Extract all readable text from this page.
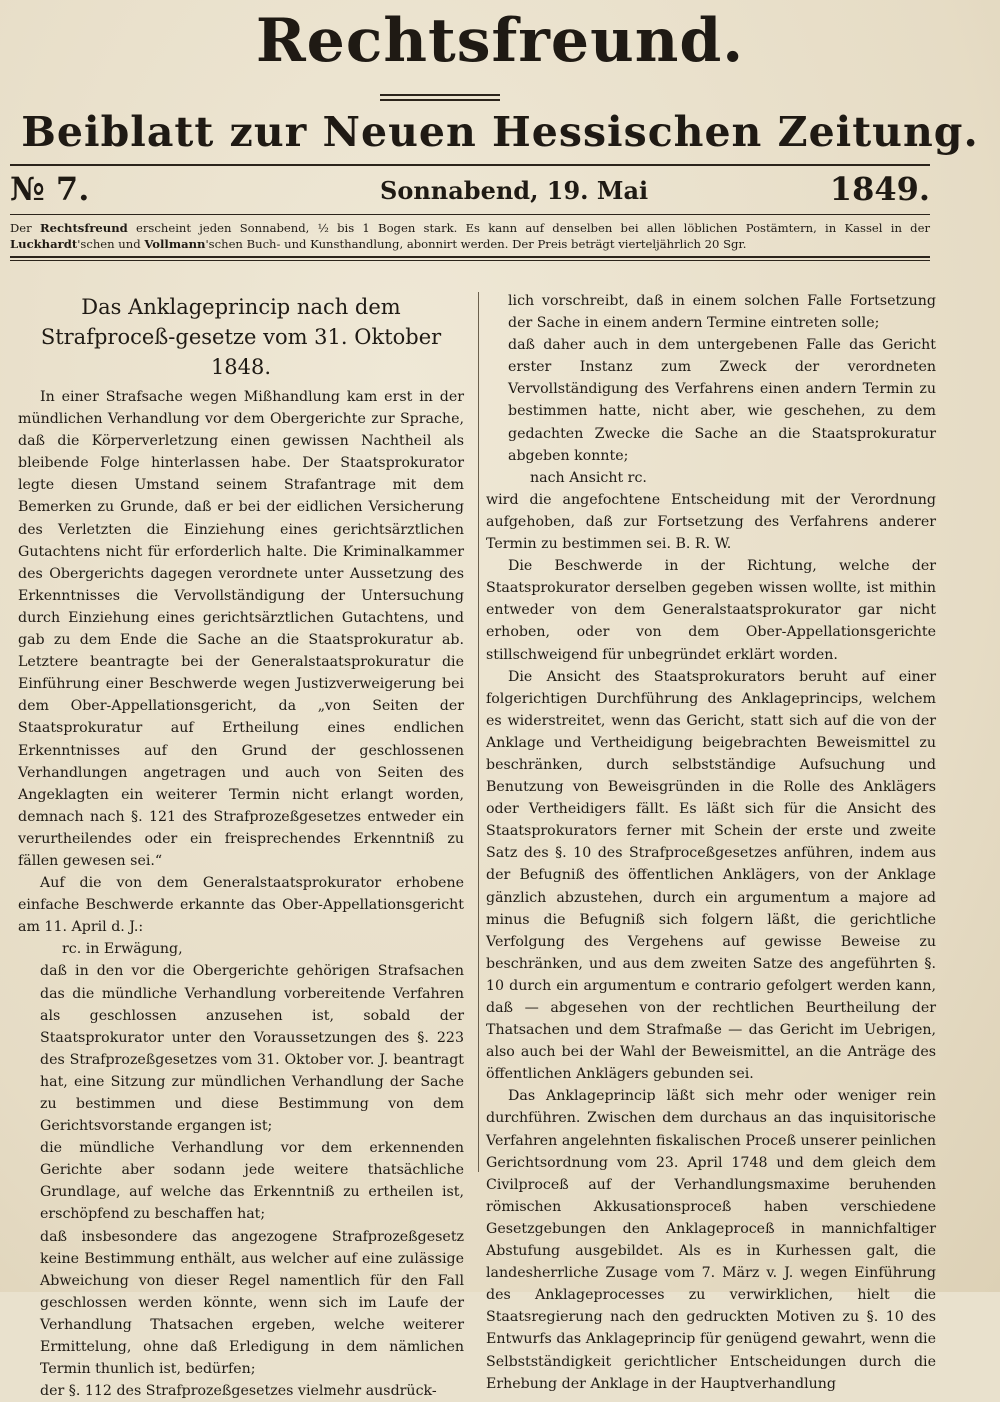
Rechtsfreund.
Beiblatt zur Neuen Hessischen Zeitung.
№ 7.	Sonnabend, 19. Mai	1849.
Der Rechtsfreund erscheint jeden Sonnabend, ½ bis 1 Bogen stark. Es kann auf denselben bei allen löblichen Postämtern, in Kassel in der Luckhardt'schen und Vollmann'schen Buch- und Kunsthandlung, abonnirt werden. Der Preis beträgt vierteljährlich 20 Sgr.

Das Anklageprincip nach dem Strafproceß-gesetze vom 31. Oktober 1848.

In einer Strafsache wegen Mißhandlung kam erst in der mündlichen Verhandlung vor dem Obergerichte zur Sprache, daß die Körperverletzung einen gewissen Nachtheil als bleibende Folge hinterlassen habe. Der Staatsprokurator legte diesen Umstand seinem Strafantrage mit dem Bemerken zu Grunde, daß er bei der eidlichen Versicherung des Verletzten die Einziehung eines gerichtsärztlichen Gutachtens nicht für erforderlich halte. Die Kriminalkammer des Obergerichts dagegen verordnete unter Aussetzung des Erkenntnisses die Vervollständigung der Untersuchung durch Einziehung eines gerichtsärztlichen Gutachtens, und gab zu dem Ende die Sache an die Staatsprokuratur ab. Letztere beantragte bei der Generalstaatsprokuratur die Einführung einer Beschwerde wegen Justizverweigerung bei dem Ober-Appellationsgericht, da „von Seiten der Staatsprokuratur auf Ertheilung eines endlichen Erkenntnisses auf den Grund der geschlossenen Verhandlungen angetragen und auch von Seiten des Angeklagten ein weiterer Termin nicht erlangt worden, demnach nach §. 121 des Strafprozeßgesetzes entweder ein verurtheilendes oder ein freisprechendes Erkenntniß zu fällen gewesen sei.“

Auf die von dem Generalstaatsprokurator erhobene einfache Beschwerde erkannte das Ober-Appellationsgericht am 11. April d. J.:

rc. in Erwägung,

daß in den vor die Obergerichte gehörigen Strafsachen das die mündliche Verhandlung vorbereitende Verfahren als geschlossen anzusehen ist, sobald der Staatsprokurator unter den Voraussetzungen des §. 223 des Strafprozeßgesetzes vom 31. Oktober vor. J. beantragt hat, eine Sitzung zur mündlichen Verhandlung der Sache zu bestimmen und diese Bestimmung von dem Gerichtsvorstande ergangen ist;

die mündliche Verhandlung vor dem erkennenden Gerichte aber sodann jede weitere thatsächliche Grundlage, auf welche das Erkenntniß zu ertheilen ist, erschöpfend zu beschaffen hat;

daß insbesondere das angezogene Strafprozeßgesetz keine Bestimmung enthält, aus welcher auf eine zulässige Abweichung von dieser Regel namentlich für den Fall geschlossen werden könnte, wenn sich im Laufe der Verhandlung Thatsachen ergeben, welche weiterer Ermittelung, ohne daß Erledigung in dem nämlichen Termin thunlich ist, bedürfen;

der §. 112 des Strafprozeßgesetzes vielmehr ausdrück-

lich vorschreibt, daß in einem solchen Falle Fortsetzung der Sache in einem andern Termine eintreten solle;

daß daher auch in dem untergebenen Falle das Gericht erster Instanz zum Zweck der verordneten Vervollständigung des Verfahrens einen andern Termin zu bestimmen hatte, nicht aber, wie geschehen, zu dem gedachten Zwecke die Sache an die Staatsprokuratur abgeben konnte;

nach Ansicht rc.

wird die angefochtene Entscheidung mit der Verordnung aufgehoben, daß zur Fortsetzung des Verfahrens anderer Termin zu bestimmen sei. B. R. W.

Die Beschwerde in der Richtung, welche der Staatsprokurator derselben gegeben wissen wollte, ist mithin entweder von dem Generalstaatsprokurator gar nicht erhoben, oder von dem Ober-Appellationsgerichte stillschweigend für unbegründet erklärt worden.

Die Ansicht des Staatsprokurators beruht auf einer folgerichtigen Durchführung des Anklageprincips, welchem es widerstreitet, wenn das Gericht, statt sich auf die von der Anklage und Vertheidigung beigebrachten Beweismittel zu beschränken, durch selbstständige Aufsuchung und Benutzung von Beweisgründen in die Rolle des Anklägers oder Vertheidigers fällt. Es läßt sich für die Ansicht des Staatsprokurators ferner mit Schein der erste und zweite Satz des §. 10 des Strafproceßgesetzes anführen, indem aus der Befugniß des öffentlichen Anklägers, von der Anklage gänzlich abzustehen, durch ein argumentum a majore ad minus die Befugniß sich folgern läßt, die gerichtliche Verfolgung des Vergehens auf gewisse Beweise zu beschränken, und aus dem zweiten Satze des angeführten §. 10 durch ein argumentum e contrario gefolgert werden kann, daß — abgesehen von der rechtlichen Beurtheilung der Thatsachen und dem Strafmaße — das Gericht im Uebrigen, also auch bei der Wahl der Beweismittel, an die Anträge des öffentlichen Anklägers gebunden sei.

Das Anklageprincip läßt sich mehr oder weniger rein durchführen. Zwischen dem durchaus an das inquisitorische Verfahren angelehnten fiskalischen Proceß unserer peinlichen Gerichtsordnung vom 23. April 1748 und dem gleich dem Civilproceß auf der Verhandlungsmaxime beruhenden römischen Akkusationsproceß haben verschiedene Gesetzgebungen den Anklageproceß in mannichfaltiger Abstufung ausgebildet. Als es in Kurhessen galt, die landesherrliche Zusage vom 7. März v. J. wegen Einführung des Anklageprocesses zu verwirklichen, hielt die Staatsregierung nach den gedruckten Motiven zu §. 10 des Entwurfs das Anklageprincip für genügend gewahrt, wenn die Selbstständigkeit gerichtlicher Entscheidungen durch die Erhebung der Anklage in der Hauptverhandlung
